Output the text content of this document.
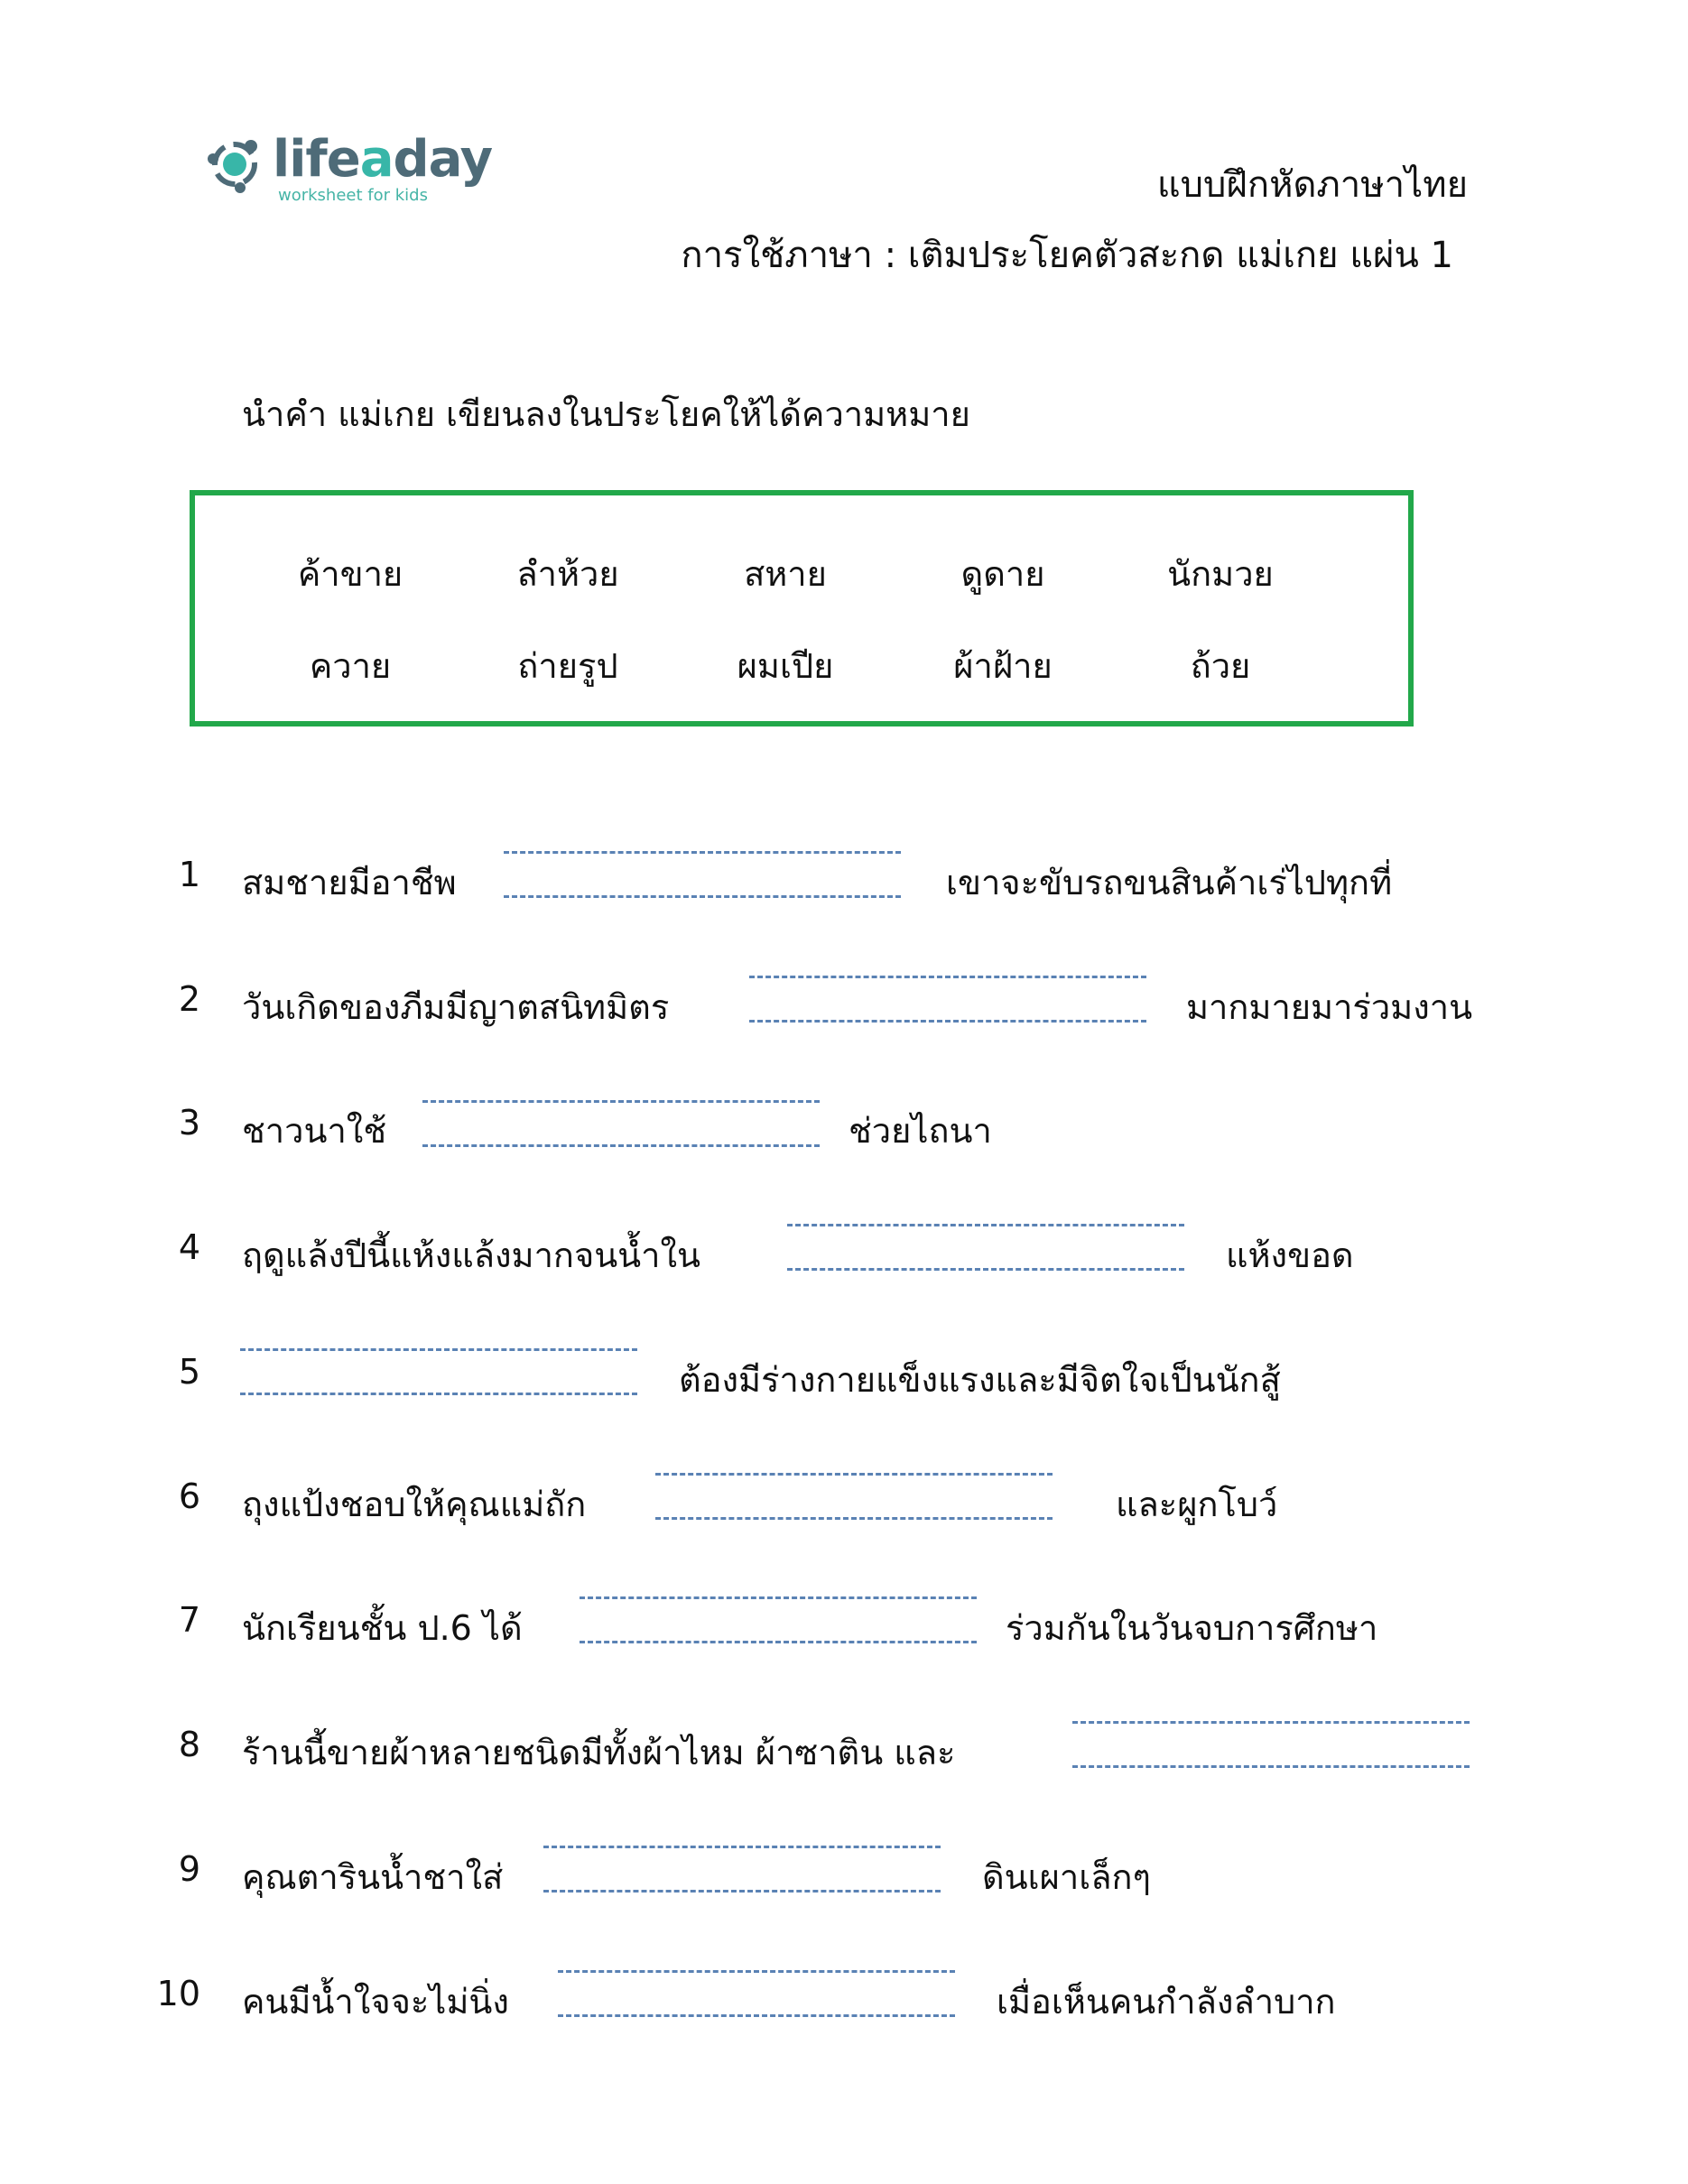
lifeaday
worksheet for kids	แบบฝึกหัดภาษาไทย
การใช้ภาษา : เติมประโยคตัวสะกด แม่เกย แผ่น 1
นำคำ แม่เกย เขียนลงในประโยคให้ได้ความหมาย
ค้าขาย	ลำห้วย	สหาย	ดูดาย	นักมวย
ควาย	ถ่ายรูป	ผมเปีย	ผ้าฝ้าย	ถ้วย
1 สมชายมีอาชีพ	เขาจะขับรถขนสินค้าเร่ไปทุกที่
2 วันเกิดของภีมมีญาตสนิทมิตร	มากมายมาร่วมงาน
3 ชาวนาใช้	ช่วยไถนา
4 ฤดูแล้งปีนี้แห้งแล้งมากจนน้ำใน	แห้งขอด
5	ต้องมีร่างกายแข็งแรงและมีจิตใจเป็นนักสู้
6 ถุงแป้งชอบให้คุณแม่ถัก	และผูกโบว์
7 นักเรียนชั้น ป.6 ได้	ร่วมกันในวันจบการศึกษา
8 ร้านนี้ขายผ้าหลายชนิดมีทั้งผ้าไหม ผ้าซาติน และ
9 คุณตารินน้ำชาใส่	ดินเผาเล็กๆ
10 คนมีน้ำใจจะไม่นิ่ง	เมื่อเห็นคนกำลังลำบาก
